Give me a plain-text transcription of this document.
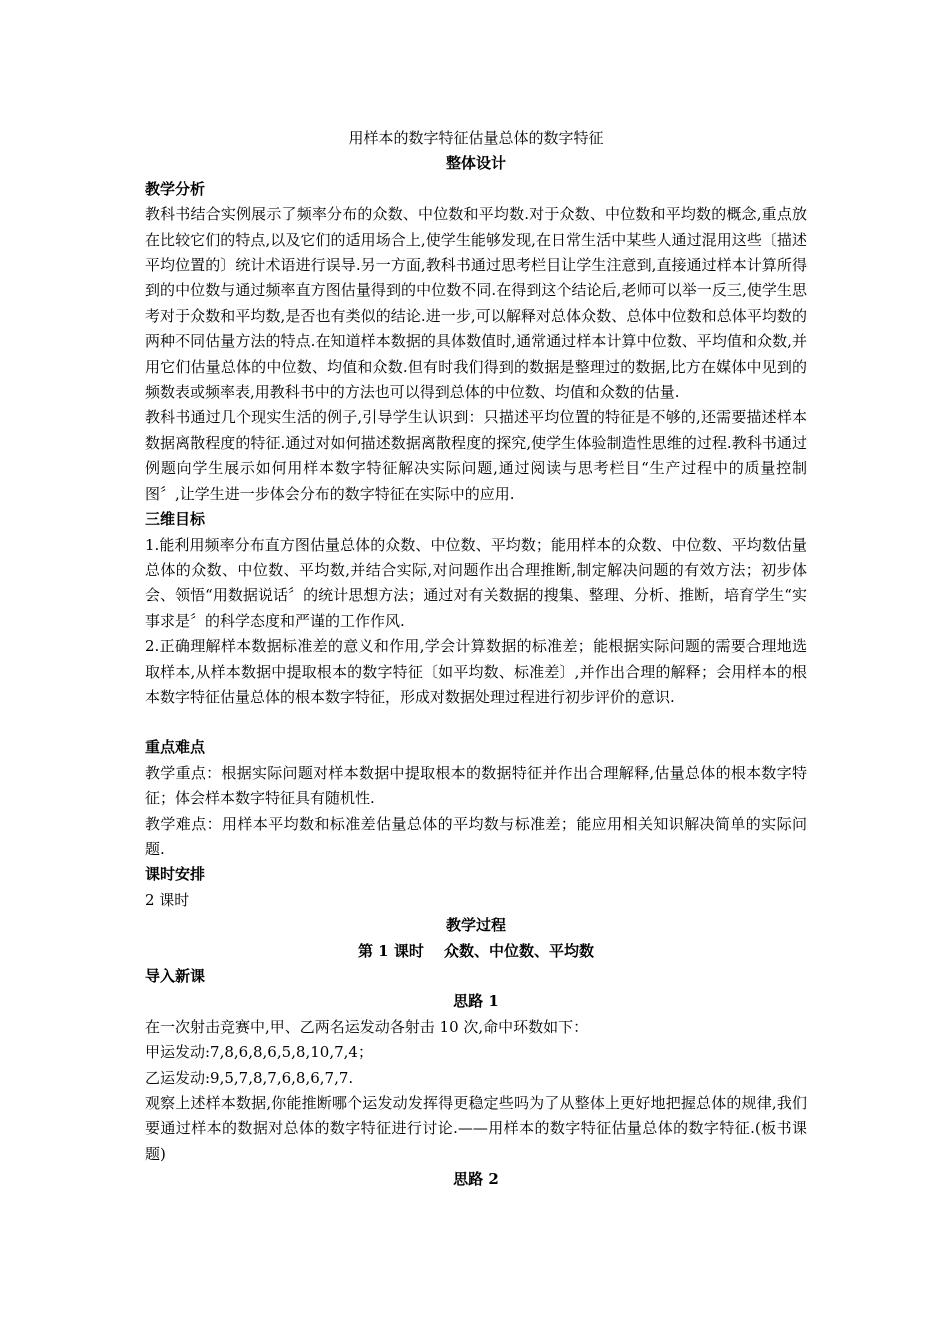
用样本的数字特征估量总体的数字特征
整体设计
教学分析

教科书结合实例展示了频率分布的众数、中位数和平均数.对于众数、中位数和平均数的概念,重点放在比较它们的特点,以及它们的适用场合上,使学生能够发现,在日常生活中某些人通过混用这些〔描述平均位置的〕统计术语进行误导.另一方面,教科书通过思考栏目让学生注意到,直接通过样本计算所得到的中位数与通过频率直方图估量得到的中位数不同.在得到这个结论后,老师可以举一反三,使学生思考对于众数和平均数,是否也有类似的结论.进一步,可以解释对总体众数、总体中位数和总体平均数的两种不同估量方法的特点.在知道样本数据的具体数值时,通常通过样本计算中位数、平均值和众数,并用它们估量总体的中位数、均值和众数.但有时我们得到的数据是整理过的数据,比方在媒体中见到的频数表或频率表,用教科书中的方法也可以得到总体的中位数、均值和众数的估量.

教科书通过几个现实生活的例子,引导学生认识到：只描述平均位置的特征是不够的,还需要描述样本数据离散程度的特征.通过对如何描述数据离散程度的探究,使学生体验制造性思维的过程.教科书通过例题向学生展示如何用样本数字特征解决实际问题,通过阅读与思考栏目“生产过程中的质量控制图〞,让学生进一步体会分布的数字特征在实际中的应用.

三维目标

1.能利用频率分布直方图估量总体的众数、中位数、平均数；能用样本的众数、中位数、平均数估量总体的众数、中位数、平均数,并结合实际,对问题作出合理推断,制定解决问题的有效方法；初步体会、领悟“用数据说话〞的统计思想方法；通过对有关数据的搜集、整理、分析、推断，培育学生“实事求是〞的科学态度和严谨的工作作风.

2.正确理解样本数据标准差的意义和作用,学会计算数据的标准差；能根据实际问题的需要合理地选取样本,从样本数据中提取根本的数字特征〔如平均数、标准差〕,并作出合理的解释；会用样本的根本数字特征估量总体的根本数字特征，形成对数据处理过程进行初步评价的意识.

重点难点

教学重点：根据实际问题对样本数据中提取根本的数据特征并作出合理解释,估量总体的根本数字特征；体会样本数字特征具有随机性.

教学难点：用样本平均数和标准差估量总体的平均数与标准差；能应用相关知识解决简单的实际问题.

课时安排

2 课时

教学过程
第 1 课时　 众数、中位数、平均数
导入新课
思路 1

在一次射击竞赛中,甲、乙两名运发动各射击 10 次,命中环数如下：

甲运发动:7,8,6,8,6,5,8,10,7,4；

乙运发动:9,5,7,8,7,6,8,6,7,7.

观察上述样本数据,你能推断哪个运发动发挥得更稳定些吗为了从整体上更好地把握总体的规律,我们要通过样本的数据对总体的数字特征进行讨论.——用样本的数字特征估量总体的数字特征.(板书课题)

思路 2
